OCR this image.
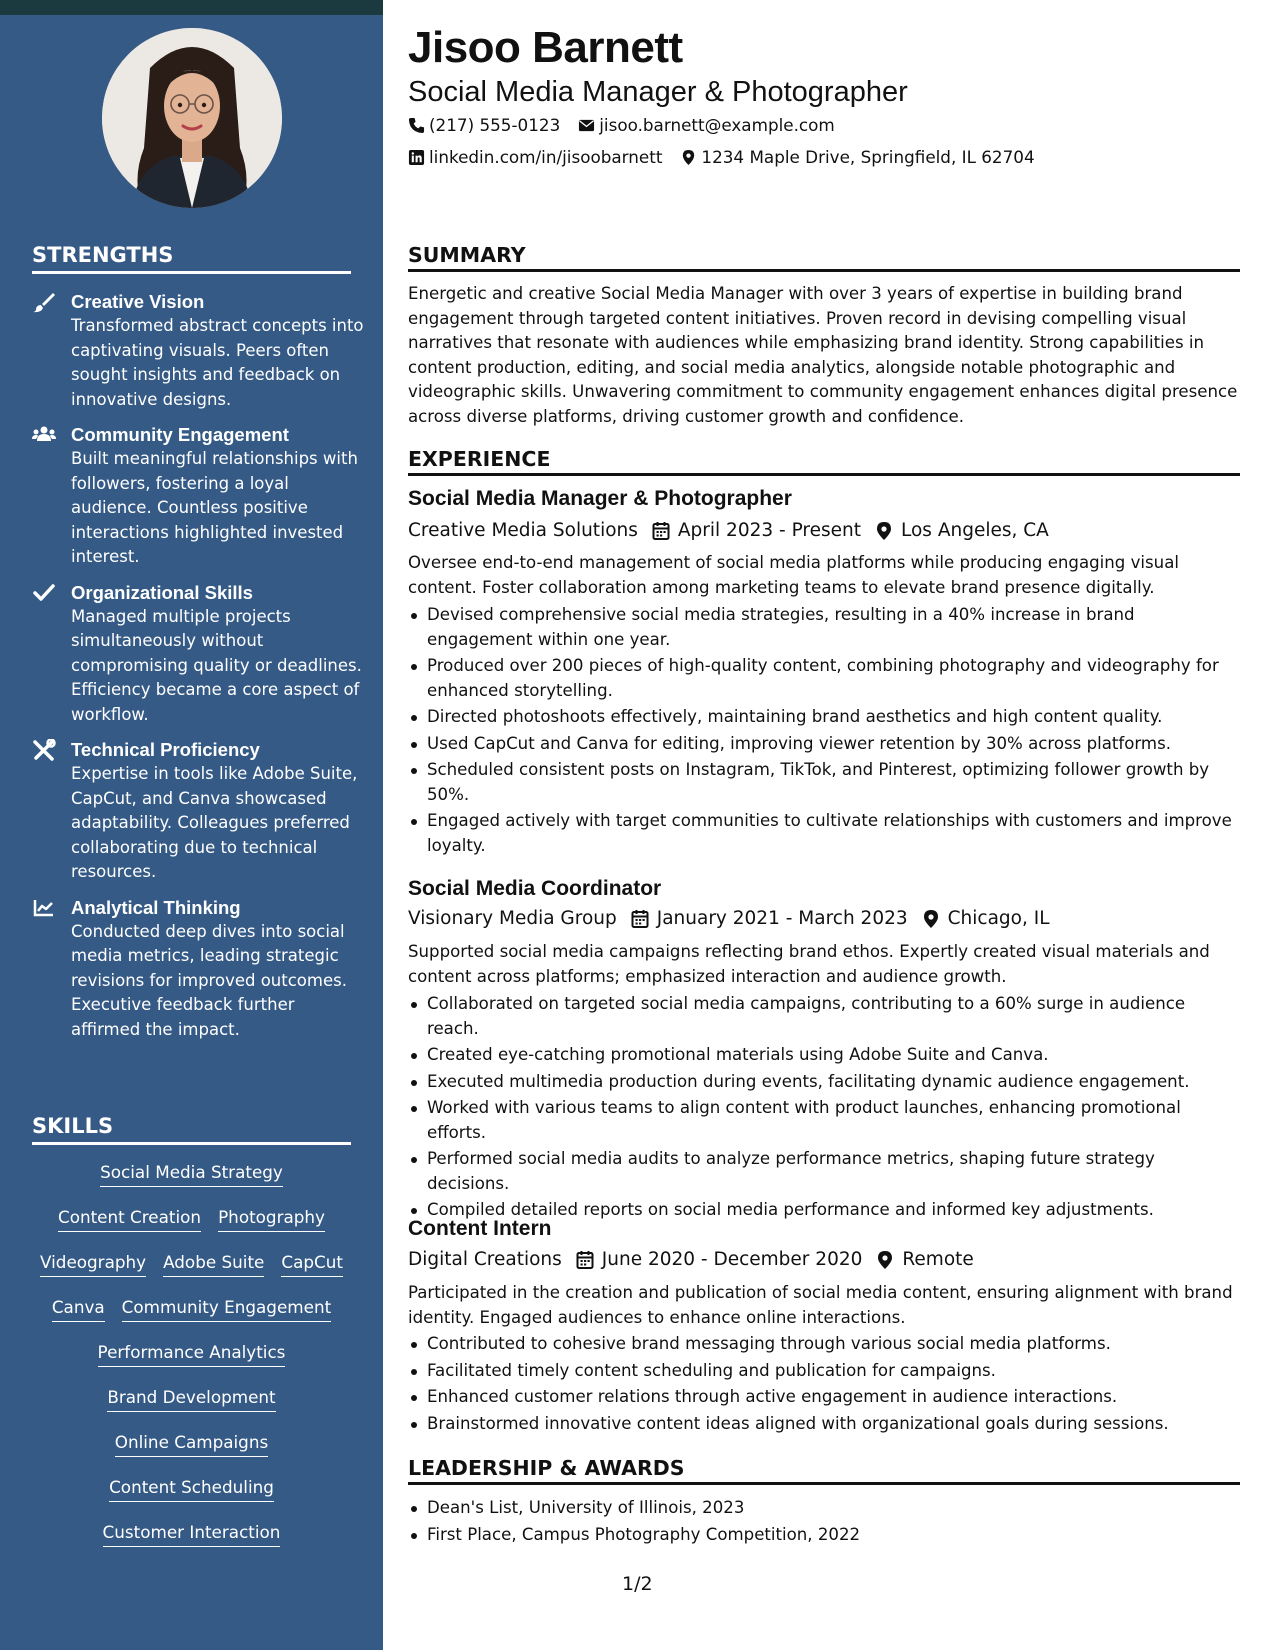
STRENGTHS
Creative Vision
Transformed abstract concepts into captivating visuals. Peers often sought insights and feedback on innovative designs.
Community Engagement
Built meaningful relationships with followers, fostering a loyal audience. Countless positive interactions highlighted invested interest.
Organizational Skills
Managed multiple projects simultaneously without compromising quality or deadlines. Efficiency became a core aspect of workflow.
Technical Proficiency
Expertise in tools like Adobe Suite, CapCut, and Canva showcased adaptability. Colleagues preferred collaborating due to technical resources.
Analytical Thinking
Conducted deep dives into social media metrics, leading strategic revisions for improved outcomes. Executive feedback further affirmed the impact.
SKILLS
Social Media Strategy
Content Creation Photography
Videography Adobe Suite CapCut
Canva Community Engagement
Performance Analytics
Brand Development
Online Campaigns
Content Scheduling
Customer Interaction
Jisoo Barnett
Social Media Manager & Photographer
(217) 555-0123 jisoo.barnett@example.com
linkedin.com/in/jisoobarnett 1234 Maple Drive, Springfield, IL 62704
SUMMARY
Energetic and creative Social Media Manager with over 3 years of expertise in building brand engagement through targeted content initiatives. Proven record in devising compelling visual narratives that resonate with audiences while emphasizing brand identity. Strong capabilities in content production, editing, and social media analytics, alongside notable photographic and videographic skills. Unwavering commitment to community engagement enhances digital presence across diverse platforms, driving customer growth and confidence.
EXPERIENCE
Social Media Manager & Photographer
Creative Media Solutions April 2023 - Present Los Angeles, CA
Oversee end-to-end management of social media platforms while producing engaging visual content. Foster collaboration among marketing teams to elevate brand presence digitally.
Devised comprehensive social media strategies, resulting in a 40% increase in brand engagement within one year.
Produced over 200 pieces of high-quality content, combining photography and videography for enhanced storytelling.
Directed photoshoots effectively, maintaining brand aesthetics and high content quality.
Used CapCut and Canva for editing, improving viewer retention by 30% across platforms.
Scheduled consistent posts on Instagram, TikTok, and Pinterest, optimizing follower growth by 50%.
Engaged actively with target communities to cultivate relationships with customers and improve loyalty.
Social Media Coordinator
Visionary Media Group January 2021 - March 2023 Chicago, IL
Supported social media campaigns reflecting brand ethos. Expertly created visual materials and content across platforms; emphasized interaction and audience growth.
Collaborated on targeted social media campaigns, contributing to a 60% surge in audience reach.
Created eye-catching promotional materials using Adobe Suite and Canva.
Executed multimedia production during events, facilitating dynamic audience engagement.
Worked with various teams to align content with product launches, enhancing promotional efforts.
Performed social media audits to analyze performance metrics, shaping future strategy decisions.
Compiled detailed reports on social media performance and informed key adjustments.
Content Intern
Digital Creations June 2020 - December 2020 Remote
Participated in the creation and publication of social media content, ensuring alignment with brand identity. Engaged audiences to enhance online interactions.
Contributed to cohesive brand messaging through various social media platforms.
Facilitated timely content scheduling and publication for campaigns.
Enhanced customer relations through active engagement in audience interactions.
Brainstormed innovative content ideas aligned with organizational goals during sessions.
LEADERSHIP & AWARDS
Dean's List, University of Illinois, 2023
First Place, Campus Photography Competition, 2022
1/2
